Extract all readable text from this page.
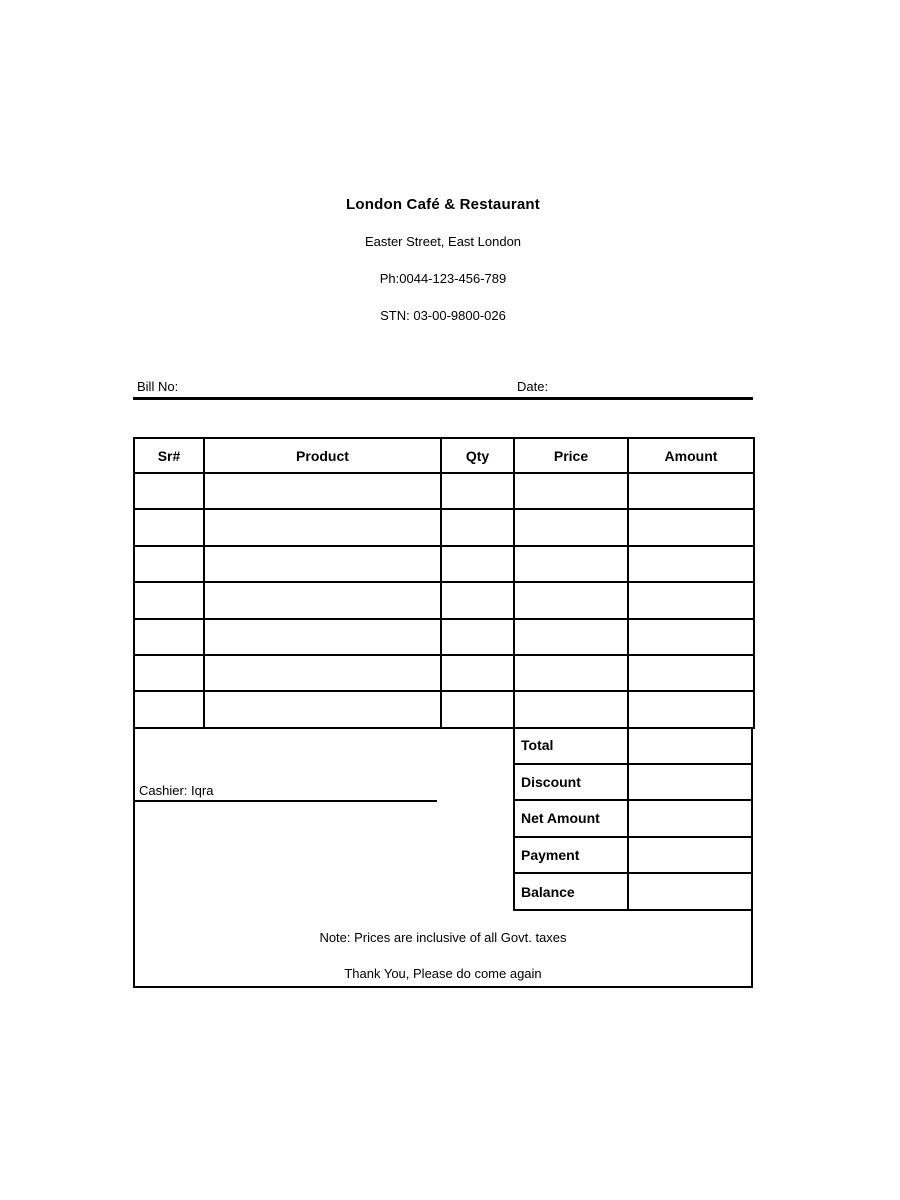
London Café & Restaurant
Easter Street, East London
Ph:0044-123-456-789
STN: 03-00-9800-026
Bill No:	Date:
Sr#	Product	Qty	Price	Amount

Cashier: Iqra
Total
Discount
Net Amount
Payment
Balance
Note: Prices are inclusive of all Govt. taxes
Thank You, Please do come again
